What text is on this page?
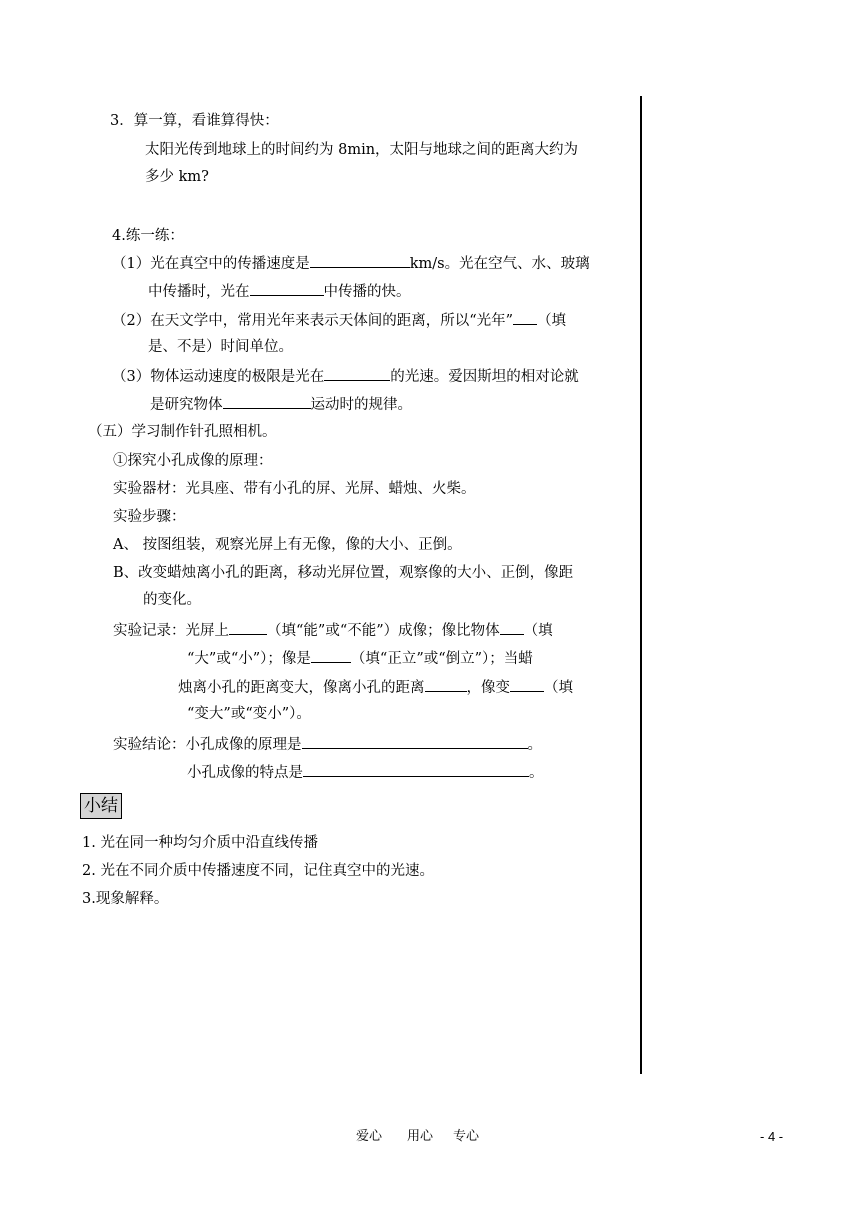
3．算一算，看谁算得快：
太阳光传到地球上的时间约为 8min，太阳与地球之间的距离大约为
多少 km?
4.练一练：
（1）光在真空中的传播速度是	km/s。光在空气、水、玻璃
中传播时，光在	中传播的快。
（2）在天文学中，常用光年来表示天体间的距离，所以“光年” （填
是、不是）时间单位。
（3）物体运动速度的极限是光在	的光速。爱因斯坦的相对论就
是研究物体	运动时的规律。
（五）学习制作针孔照相机。
①探究小孔成像的原理：
实验器材：光具座、带有小孔的屏、光屏、蜡烛、火柴。
实验步骤：
A、 按图组装，观察光屏上有无像，像的大小、正倒。
B、改变蜡烛离小孔的距离，移动光屏位置，观察像的大小、正倒，像距
的变化。
实验记录：光屏上	（填“能”或“不能”）成像；像比物体 （填
“大”或“小”）；像是	（填“正立”或“倒立”）；当蜡
烛离小孔的距离变大，像离小孔的距离	，像变 （填
“变大”或“变小”）。
实验结论：小孔成像的原理是	。
小孔成像的特点是	。
小结
1. 光在同一种均匀介质中沿直线传播
2. 光在不同介质中传播速度不同，记住真空中的光速。
3.现象解释。
爱心 用心 专心	- 4 -
